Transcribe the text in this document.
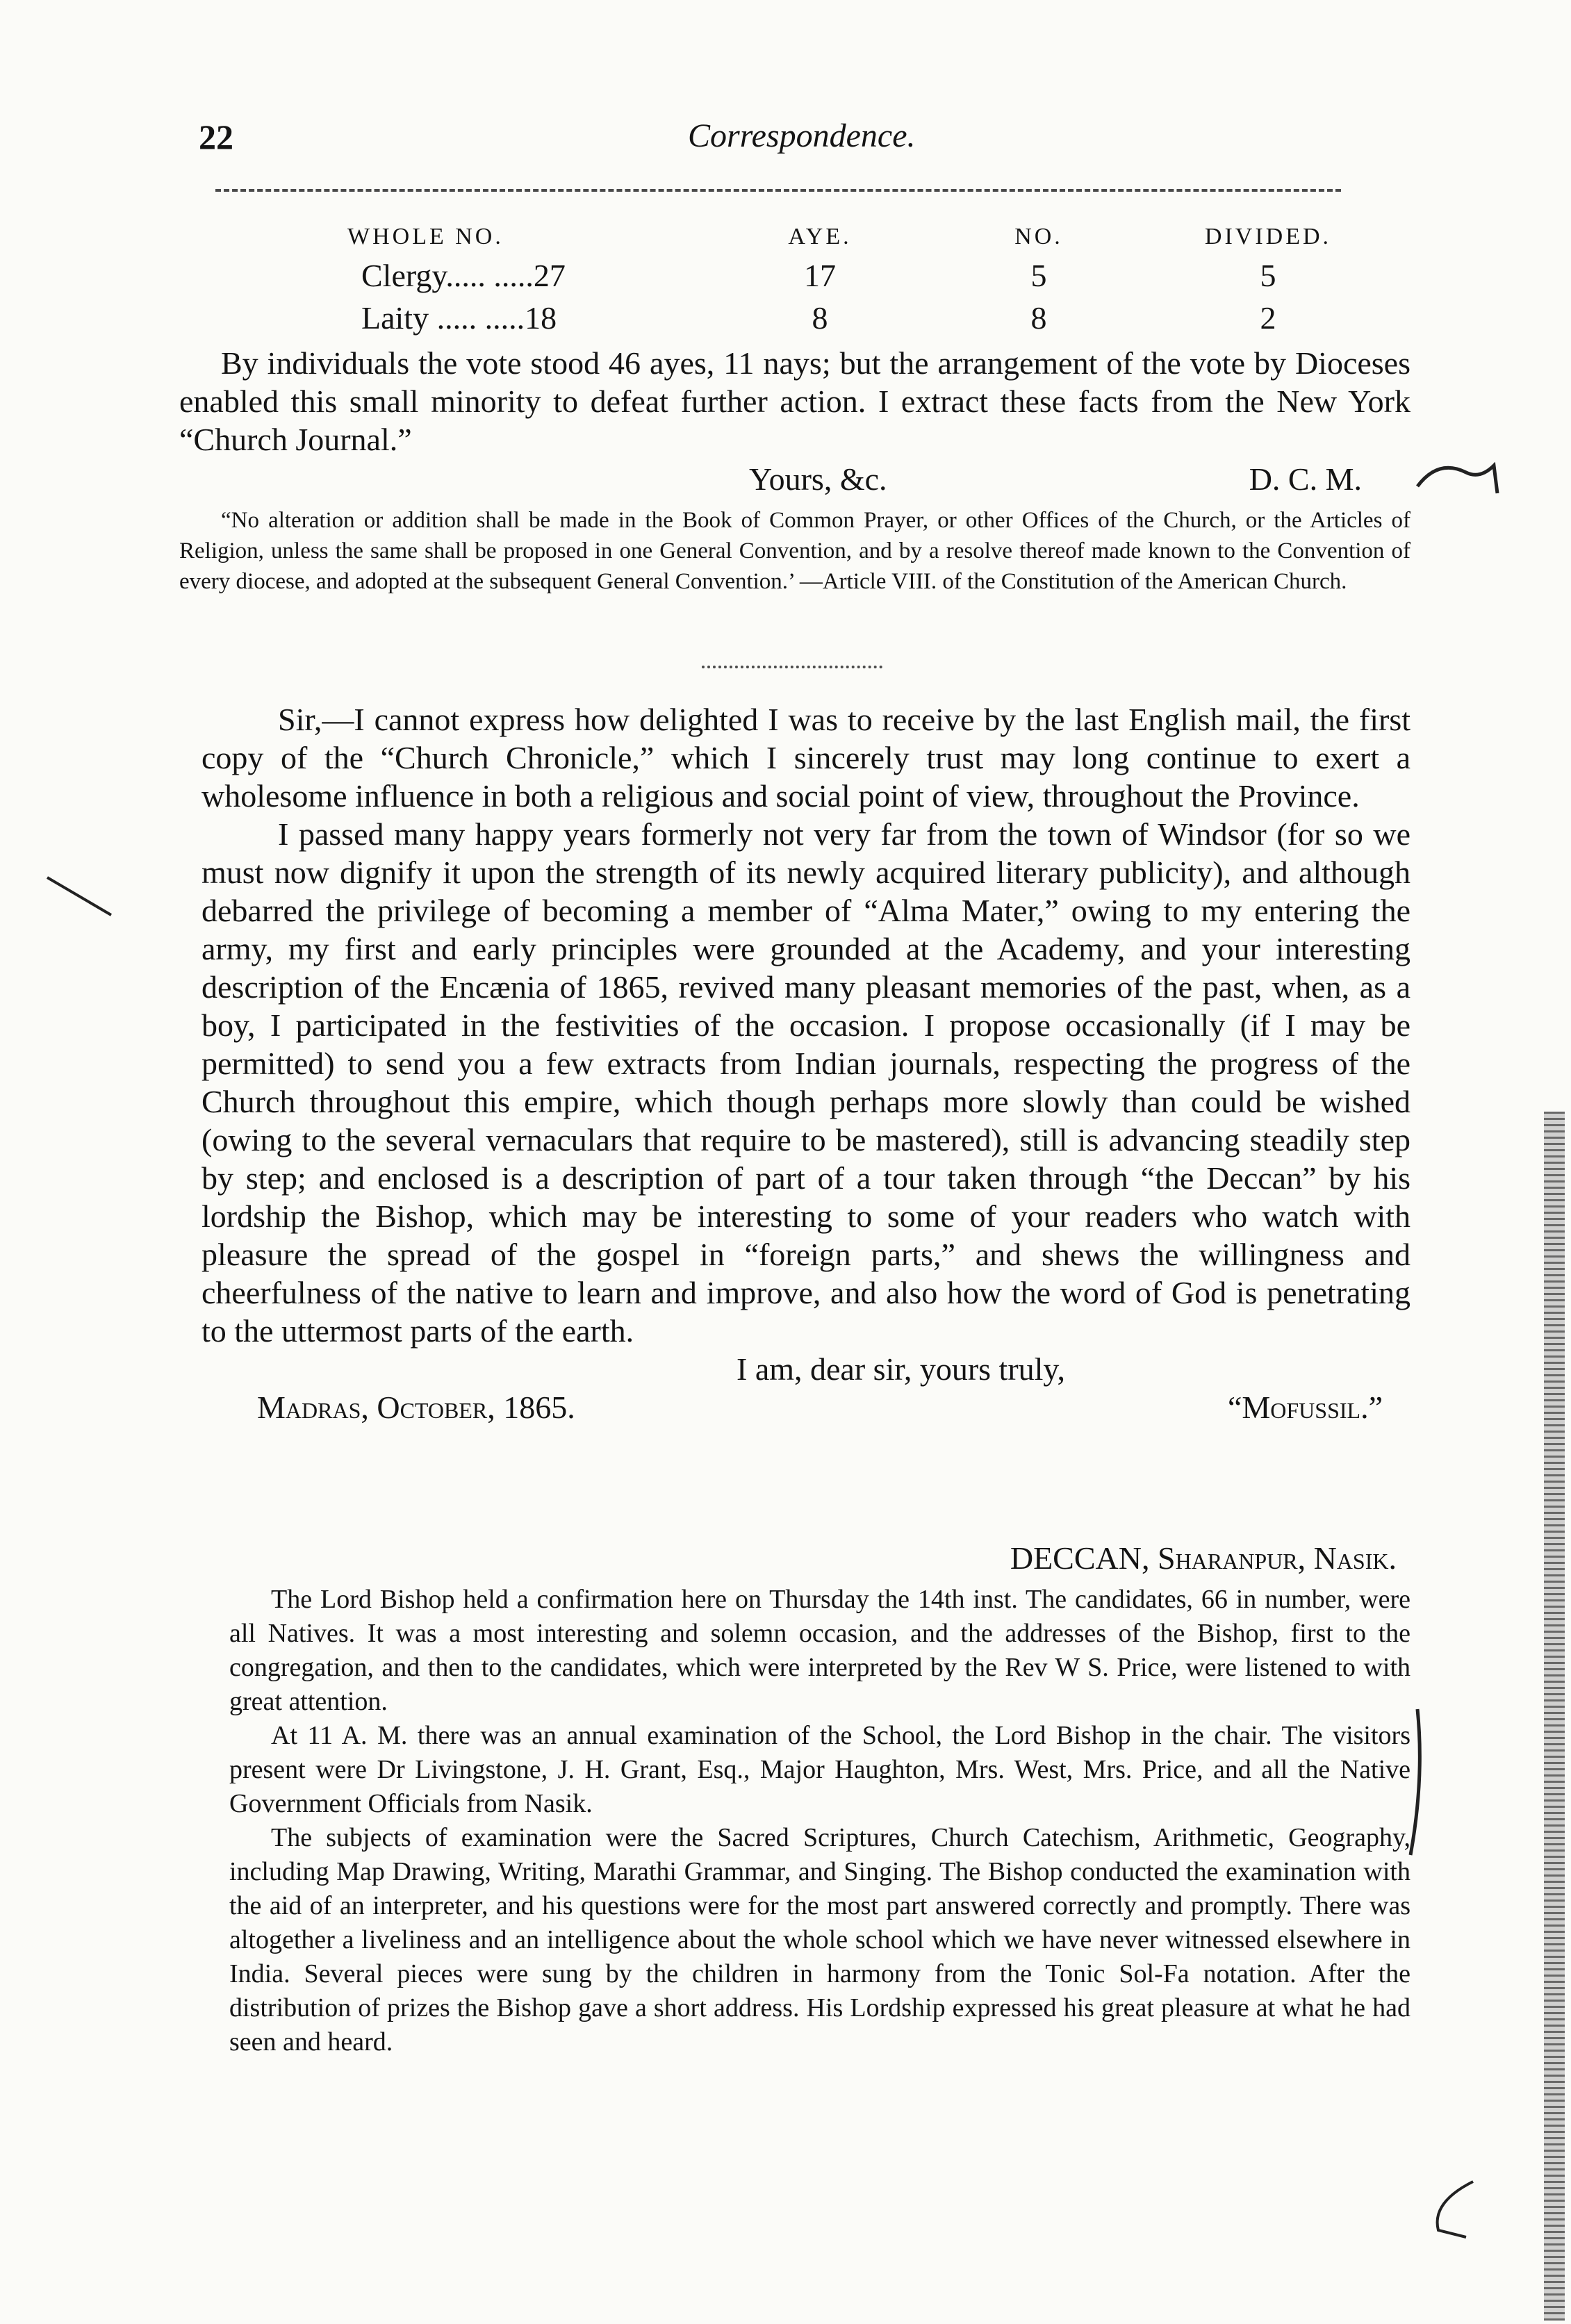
22	Correspondence.
WHOLE NO.	AYE.	NO.	DIVIDED.
Clergy..... .....27	17	5	5
Laity ..... .....18	8	8	2

By individuals the vote stood 46 ayes, 11 nays; but the arrangement of the vote by Dioceses enabled this small minority to defeat further action. I extract these facts from the New York “Church Journal.”

Yours, &c.	D. C. M.

“No alteration or addition shall be made in the Book of Common Prayer, or other Offices of the Church, or the Articles of Religion, unless the same shall be proposed in one General Convention, and by a resolve thereof made known to the Convention of every diocese, and adopted at the subsequent General Convention.’ —Article VIII. of the Constitution of the American Church.

Sir,—I cannot express how delighted I was to receive by the last English mail, the first copy of the “Church Chronicle,” which I sincerely trust may long continue to exert a wholesome influence in both a religious and social point of view, throughout the Province.

I passed many happy years formerly not very far from the town of Windsor (for so we must now dignify it upon the strength of its newly acquired literary publicity), and although debarred the privilege of becoming a member of “Alma Mater,” owing to my entering the army, my first and early principles were grounded at the Academy, and your interesting description of the Encænia of 1865, revived many pleasant memories of the past, when, as a boy, I participated in the festivities of the occasion. I propose occasionally (if I may be permitted) to send you a few extracts from Indian journals, respecting the progress of the Church throughout this empire, which though perhaps more slowly than could be wished (owing to the several vernaculars that require to be mastered), still is advancing steadily step by step; and enclosed is a description of part of a tour taken through “the Deccan” by his lordship the Bishop, which may be interesting to some of your readers who watch with pleasure the spread of the gospel in “foreign parts,” and shews the willingness and cheerfulness of the native to learn and improve, and also how the word of God is penetrating to the uttermost parts of the earth.

I am, dear sir, yours truly,
Madras, October, 1865.	“Mofussil.”
DECCAN, Sharanpur, Nasik.

The Lord Bishop held a confirmation here on Thursday the 14th inst. The candidates, 66 in number, were all Natives. It was a most interesting and solemn occasion, and the addresses of the Bishop, first to the congregation, and then to the candidates, which were interpreted by the Rev W S. Price, were listened to with great attention.

At 11 A. M. there was an annual examination of the School, the Lord Bishop in the chair. The visitors present were Dr Livingstone, J. H. Grant, Esq., Major Haughton, Mrs. West, Mrs. Price, and all the Native Government Officials from Nasik.

The subjects of examination were the Sacred Scriptures, Church Catechism, Arithmetic, Geography, including Map Drawing, Writing, Marathi Grammar, and Singing. The Bishop conducted the examination with the aid of an interpreter, and his questions were for the most part answered correctly and promptly. There was altogether a liveliness and an intelligence about the whole school which we have never witnessed elsewhere in India. Several pieces were sung by the children in harmony from the Tonic Sol-Fa notation. After the distribution of prizes the Bishop gave a short address. His Lordship expressed his great pleasure at what he had seen and heard.
